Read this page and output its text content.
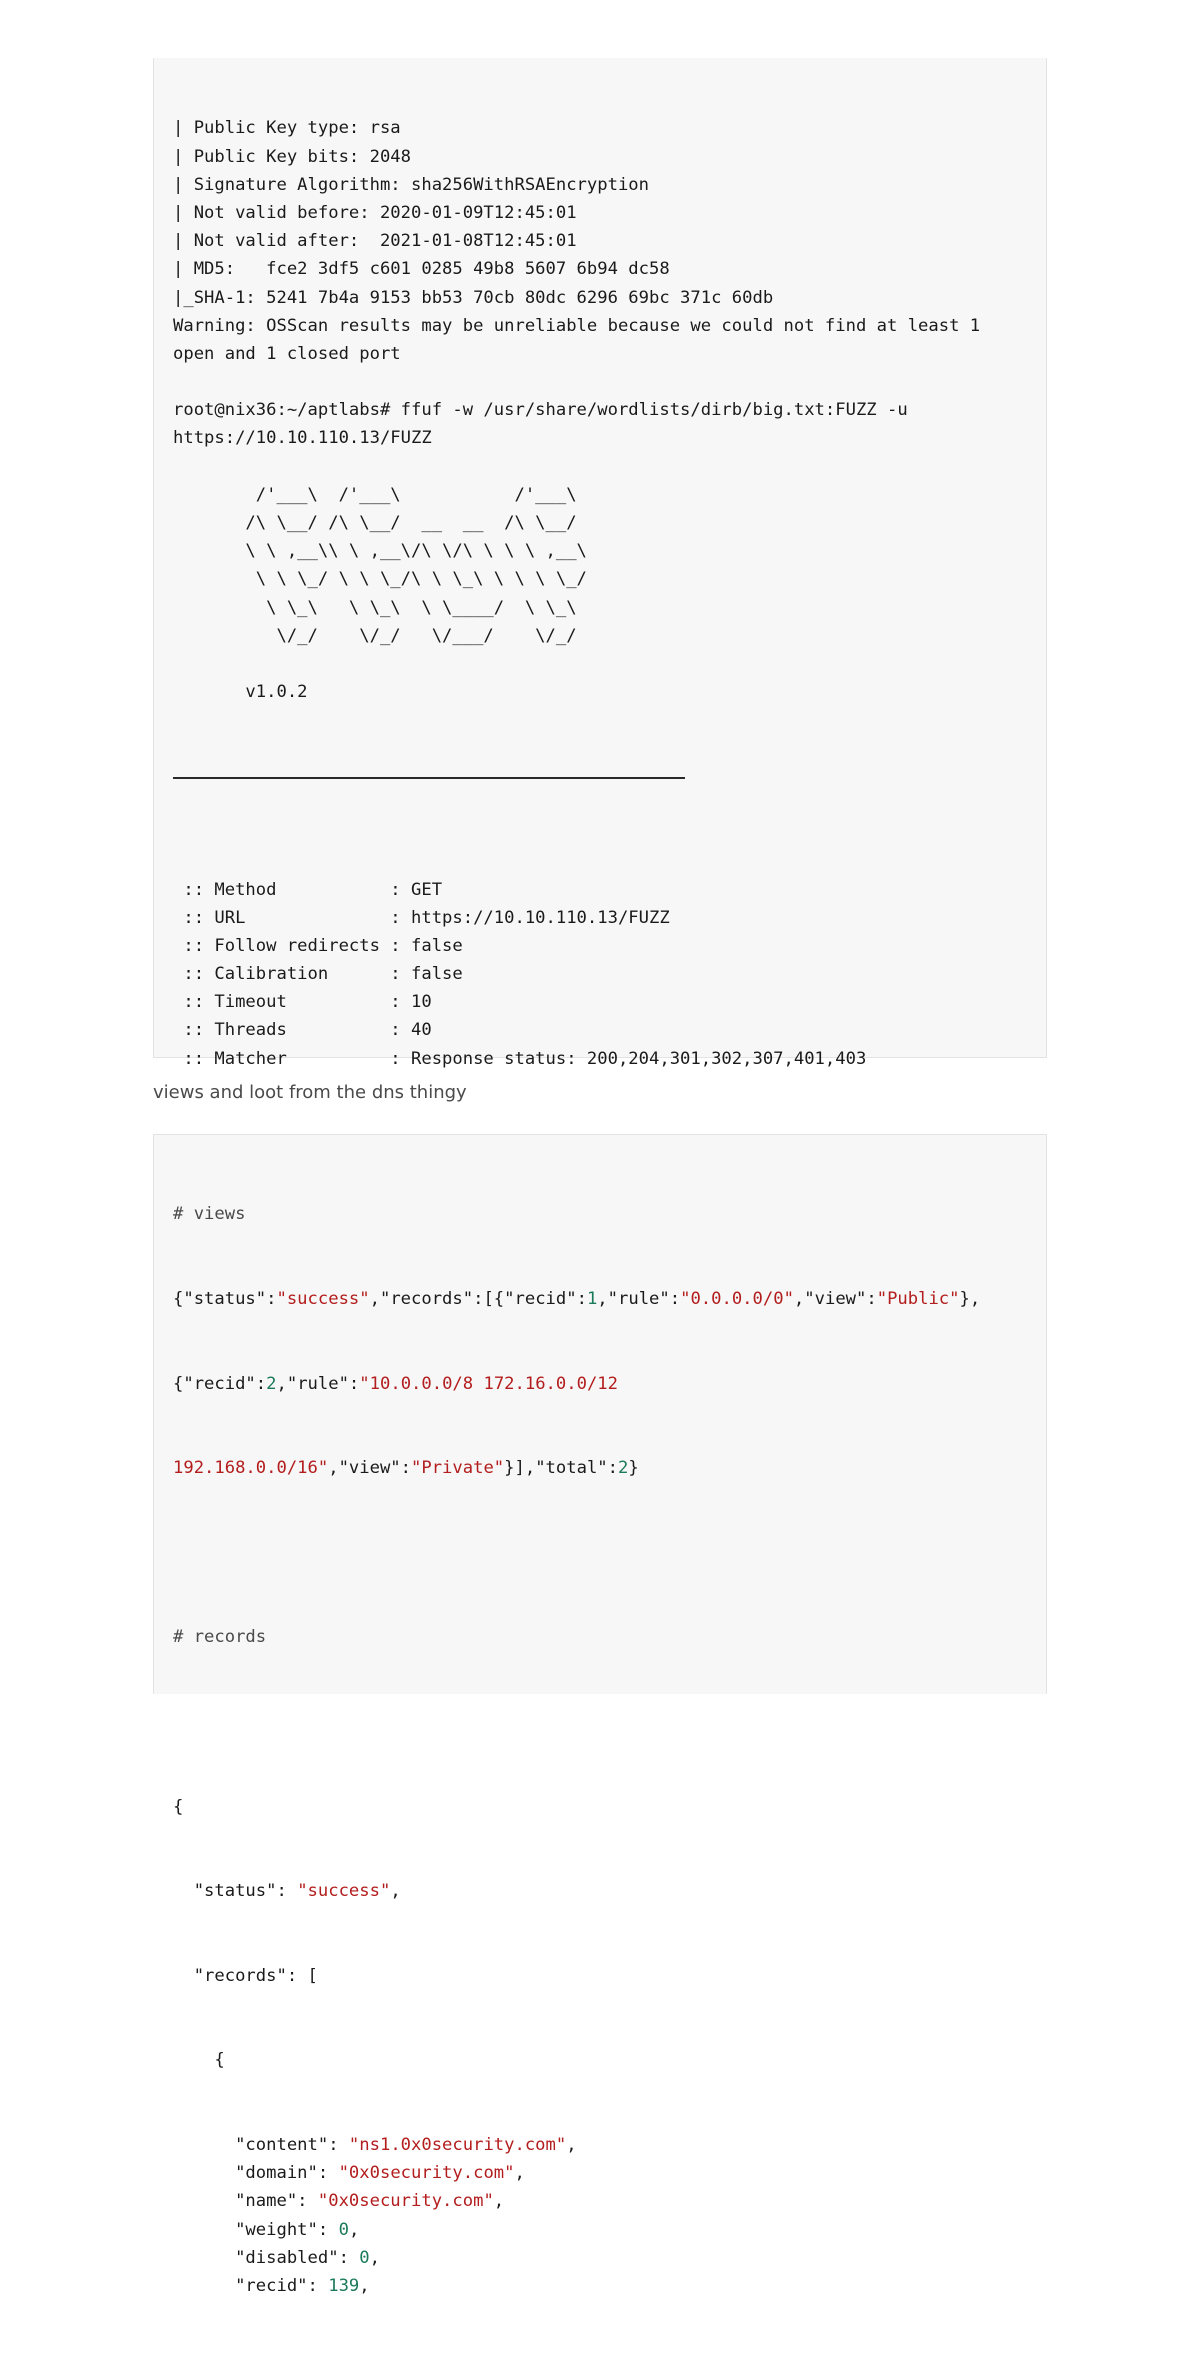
| Public Key type: rsa
| Public Key bits: 2048
| Signature Algorithm: sha256WithRSAEncryption
| Not valid before: 2020-01-09T12:45:01
| Not valid after:  2021-01-08T12:45:01
| MD5:   fce2 3df5 c601 0285 49b8 5607 6b94 dc58
|_SHA-1: 5241 7b4a 9153 bb53 70cb 80dc 6296 69bc 371c 60db
Warning: OSScan results may be unreliable because we could not find at least 1
open and 1 closed port
root@nix36:~/aptlabs# ffuf -w /usr/share/wordlists/dirb/big.txt:FUZZ -u
https://10.10.110.13/FUZZ
/'___\  /'___\           /'___\
/\ \__/ /\ \__/  __  __  /\ \__/
\ \ ,__\\ \ ,__\/\ \/\ \ \ \ ,__\
\ \ \_/ \ \ \_/\ \ \_\ \ \ \ \_/
\ \_\   \ \_\  \ \____/  \ \_\
\/_/    \/_/   \/___/    \/_/
v1.0.2

:: Method           : GET
:: URL              : https://10.10.110.13/FUZZ
:: Follow redirects : false
:: Calibration      : false
:: Timeout          : 10
:: Threads          : 40
:: Matcher          : Response status: 200,204,301,302,307,401,403

views and loot from the dns thingy

# views

{"status":"success","records":[{"recid":1,"rule":"0.0.0.0/0","view":"Public"},

{"recid":2,"rule":"10.0.0.0/8 172.16.0.0/12

192.168.0.0/16","view":"Private"}],"total":2}

# records

{

"status": "success",

"records": [

{

"content": "ns1.0x0security.com",
"domain": "0x0security.com",
"name": "0x0security.com",
"weight": 0,
"disabled": 0,
"recid": 139,
